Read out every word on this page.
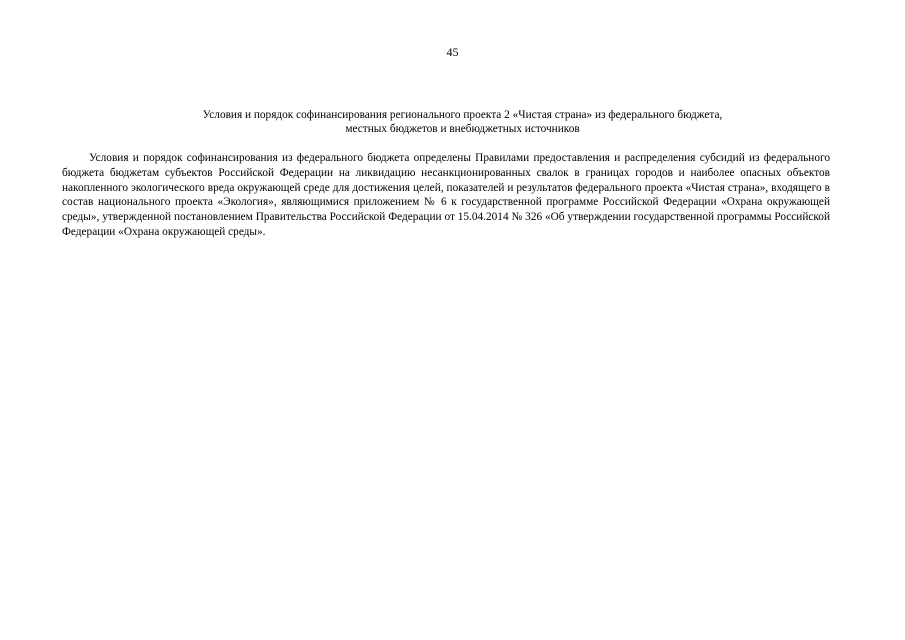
45
Условия и порядок софинансирования регионального проекта 2 «Чистая страна» из федерального бюджета,
местных бюджетов и внебюджетных источников

Условия и порядок софинансирования из федерального бюджета определены Правилами предоставления и распределения субсидий из федерального бюджета бюджетам субъектов Российской Федерации на ликвидацию несанкционированных свалок в границах городов и наиболее опасных объектов накопленного экологического вреда окружающей среде для достижения целей, показателей и результатов федерального проекта «Чистая страна», входящего в состав национального проекта «Экология», являющимися приложением № 6 к государственной программе Российской Федерации «Охрана окружающей среды», утвержденной постановлением Правительства Российской Федерации от 15.04.2014 № 326 «Об утверждении государственной программы Российской Федерации «Охрана окружающей среды».
